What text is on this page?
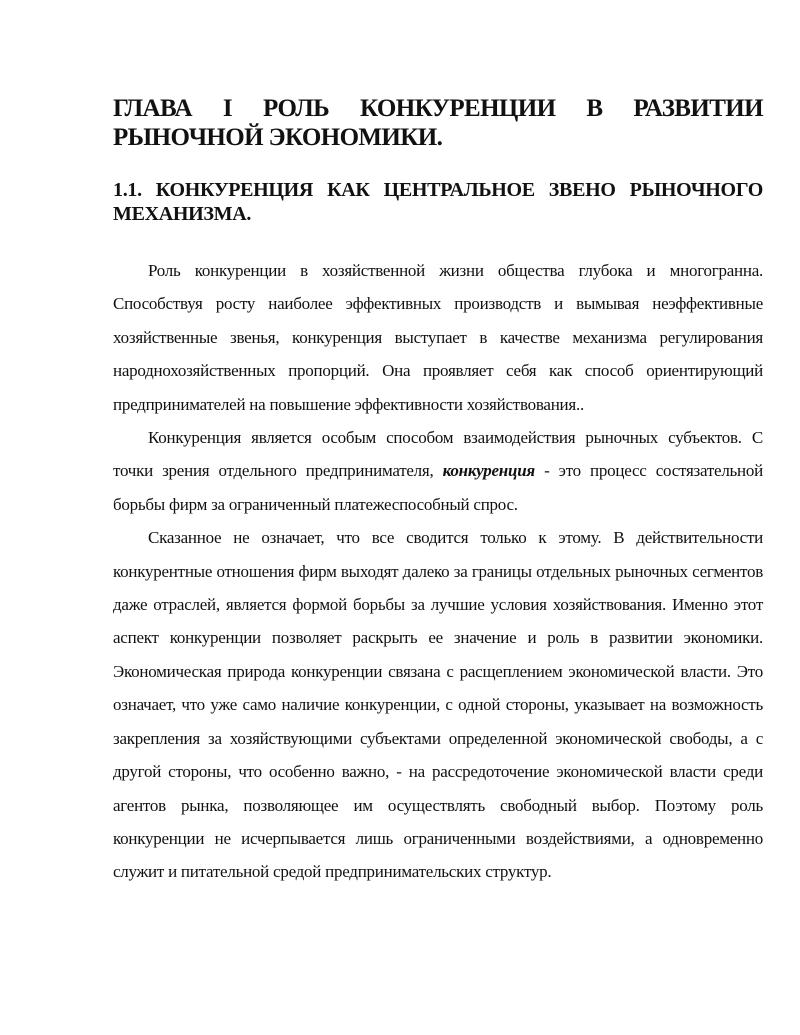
ГЛАВА I РОЛЬ КОНКУРЕНЦИИ В РАЗВИТИИ РЫНОЧНОЙ ЭКОНОМИКИ.
1.1. КОНКУРЕНЦИЯ КАК ЦЕНТРАЛЬНОЕ ЗВЕНО РЫНОЧНОГО МЕХАНИЗМА.

Роль конкуренции в хозяйственной жизни общества глубока и многогранна. Способствуя росту наиболее эффективных производств и вымывая неэффективные хозяйственные звенья, конкуренция выступает в качестве механизма регулирования народнохозяйственных пропорций. Она проявляет себя как способ ориентирующий предпринимателей на повышение эффективности хозяйствования..

Конкуренция является особым способом взаимодействия рыночных субъектов. С точки зрения отдельного предпринимателя, конкуренция - это процесс состязательной борьбы фирм за ограниченный платежеспособный спрос.

Сказанное не означает, что все сводится только к этому. В действительности конкурентные отношения фирм выходят далеко за границы отдельных рыночных сегментов даже отраслей, является формой борьбы за лучшие условия хозяйствования. Именно этот аспект конкуренции позволяет раскрыть ее значение и роль в развитии экономики. Экономическая природа конкуренции связана с расщеплением экономической власти. Это означает, что уже само наличие конкуренции, с одной стороны, указывает на возможность закрепления за хозяйствующими субъектами определенной экономической свободы, а с другой стороны, что особенно важно, - на рассредоточение экономической власти среди агентов рынка, позволяющее им осуществлять свободный выбор. Поэтому роль конкуренции не исчерпывается лишь ограниченными воздействиями, а одновременно служит и питательной средой предпринимательских структур.
